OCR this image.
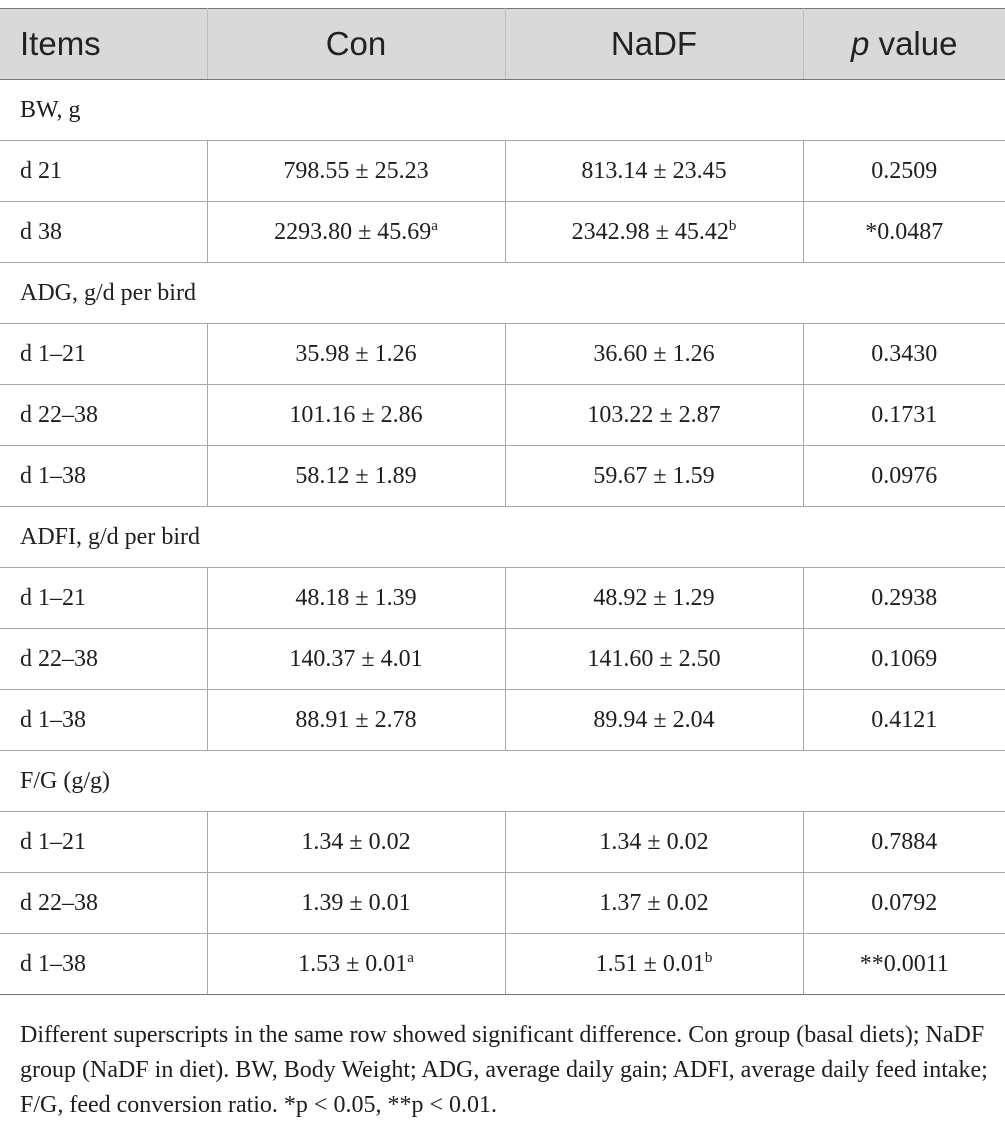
Items	Con	NaDF	p value
BW, g			
d 21	798.55 ± 25.23	813.14 ± 23.45	0.2509
d 38	2293.80 ± 45.69$^a$	2342.98 ± 45.42$^b$	*0.0487
ADG, g/d per bird			
d 1–21	35.98 ± 1.26	36.60 ± 1.26	0.3430
d 22–38	101.16 ± 2.86	103.22 ± 2.87	0.1731
d 1–38	58.12 ± 1.89	59.67 ± 1.59	0.0976
ADFI, g/d per bird			
d 1–21	48.18 ± 1.39	48.92 ± 1.29	0.2938
d 22–38	140.37 ± 4.01	141.60 ± 2.50	0.1069
d 1–38	88.91 ± 2.78	89.94 ± 2.04	0.4121
F/G (g/g)			
d 1–21	1.34 ± 0.02	1.34 ± 0.02	0.7884
d 22–38	1.39 ± 0.01	1.37 ± 0.02	0.0792
d 1–38	1.53 ± 0.01$^a$	1.51 ± 0.01$^b$	**0.0011
Different superscripts in the same row showed significant difference. Con group (basal diets); NaDF group (NaDF in diet). BW, Body Weight; ADG, average daily gain; ADFI, average daily feed intake; F/G, feed conversion ratio. *p < 0.05, **p < 0.01.
